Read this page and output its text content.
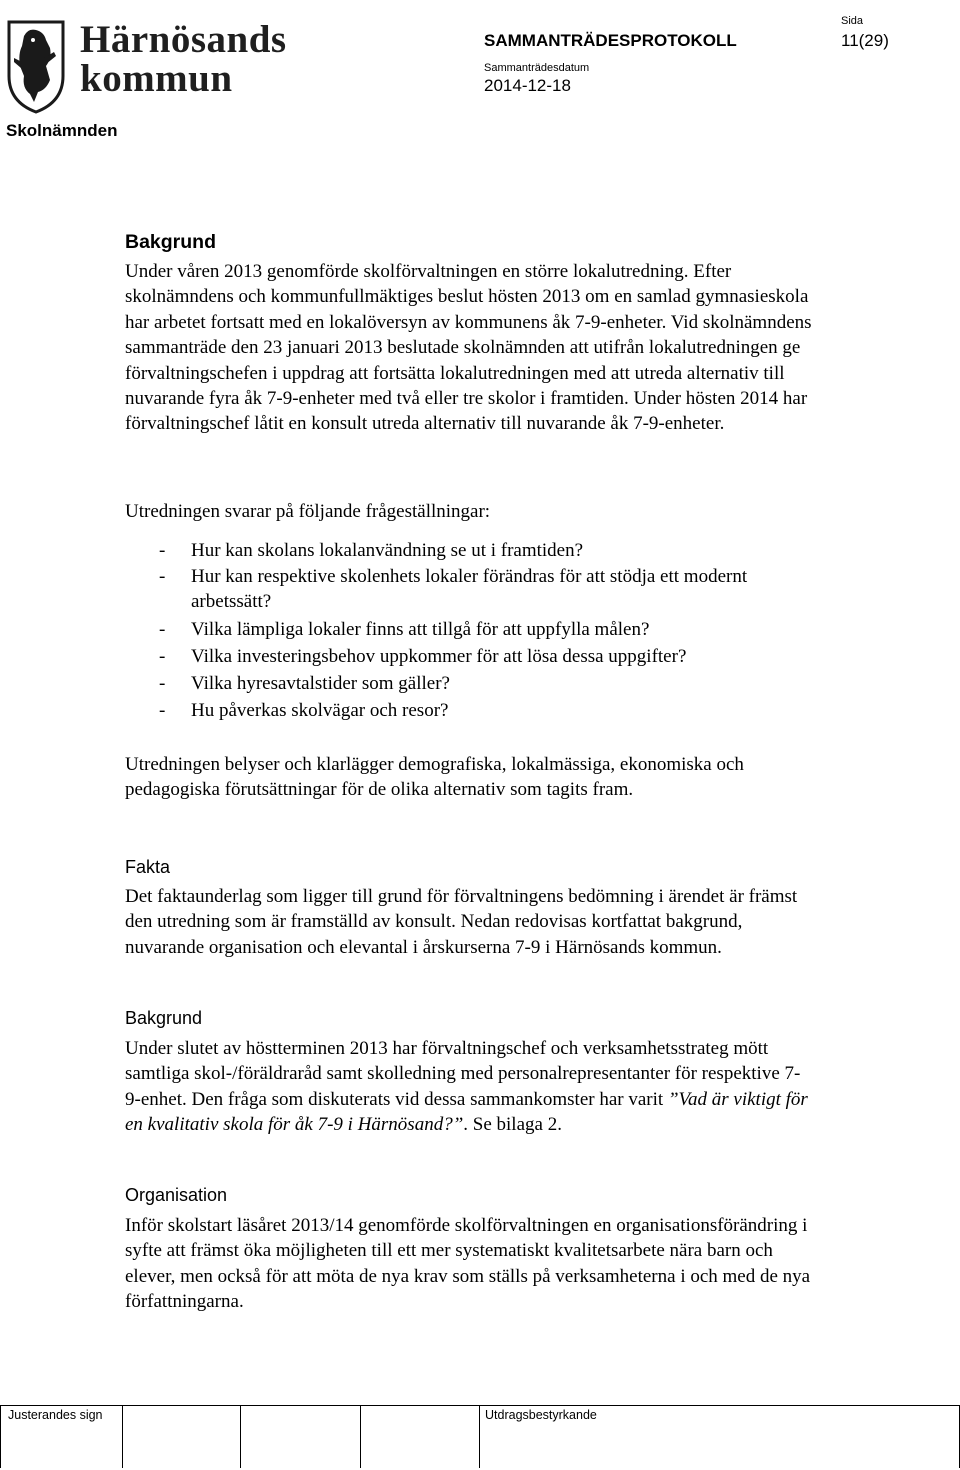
Härnösands
kommun
SAMMANTRÄDESPROTOKOLL
Sammanträdesdatum
2014-12-18
Sida
11(29)
Skolnämnden
Bakgrund
Under våren 2013 genomförde skolförvaltningen en större lokalutredning. Efter skolnämndens och kommunfullmäktiges beslut hösten 2013 om en samlad gymnasieskola har arbetet fortsatt med en lokalöversyn av kommunens åk 7-9-enheter. Vid skolnämndens sammanträde den 23 januari 2013 beslutade skolnämnden att utifrån lokalutredningen ge förvaltningschefen i uppdrag att fortsätta lokalutredningen med att utreda alternativ till nuvarande fyra åk 7-9-enheter med två eller tre skolor i framtiden. Under hösten 2014 har förvaltningschef låtit en konsult utreda alternativ till nuvarande åk 7-9-enheter.
Utredningen svarar på följande frågeställningar:
- Hur kan skolans lokalanvändning se ut i framtiden?
- Hur kan respektive skolenhets lokaler förändras för att stödja ett modernt arbetssätt?
- Vilka lämpliga lokaler finns att tillgå för att uppfylla målen?
- Vilka investeringsbehov uppkommer för att lösa dessa uppgifter?
- Vilka hyresavtalstider som gäller?
- Hu påverkas skolvägar och resor?
Utredningen belyser och klarlägger demografiska, lokalmässiga, ekonomiska och pedagogiska förutsättningar för de olika alternativ som tagits fram.
Fakta
Det faktaunderlag som ligger till grund för förvaltningens bedömning i ärendet är främst den utredning som är framställd av konsult. Nedan redovisas kortfattat bakgrund, nuvarande organisation och elevantal i årskurserna 7-9 i Härnösands kommun.
Bakgrund
Under slutet av höstterminen 2013 har förvaltningschef och verksamhetsstrateg mött samtliga skol-/föräldraråd samt skolledning med personalrepresentanter för respektive 7-9-enhet. Den fråga som diskuterats vid dessa sammankomster har varit ”Vad är viktigt för en kvalitativ skola för åk 7-9 i Härnösand?”. Se bilaga 2.
Organisation
Inför skolstart läsåret 2013/14 genomförde skolförvaltningen en organisationsförändring i syfte att främst öka möjligheten till ett mer systematiskt kvalitetsarbete nära barn och elever, men också för att möta de nya krav som ställs på verksamheterna i och med de nya författningarna.
Justerandes sign	Utdragsbestyrkande
